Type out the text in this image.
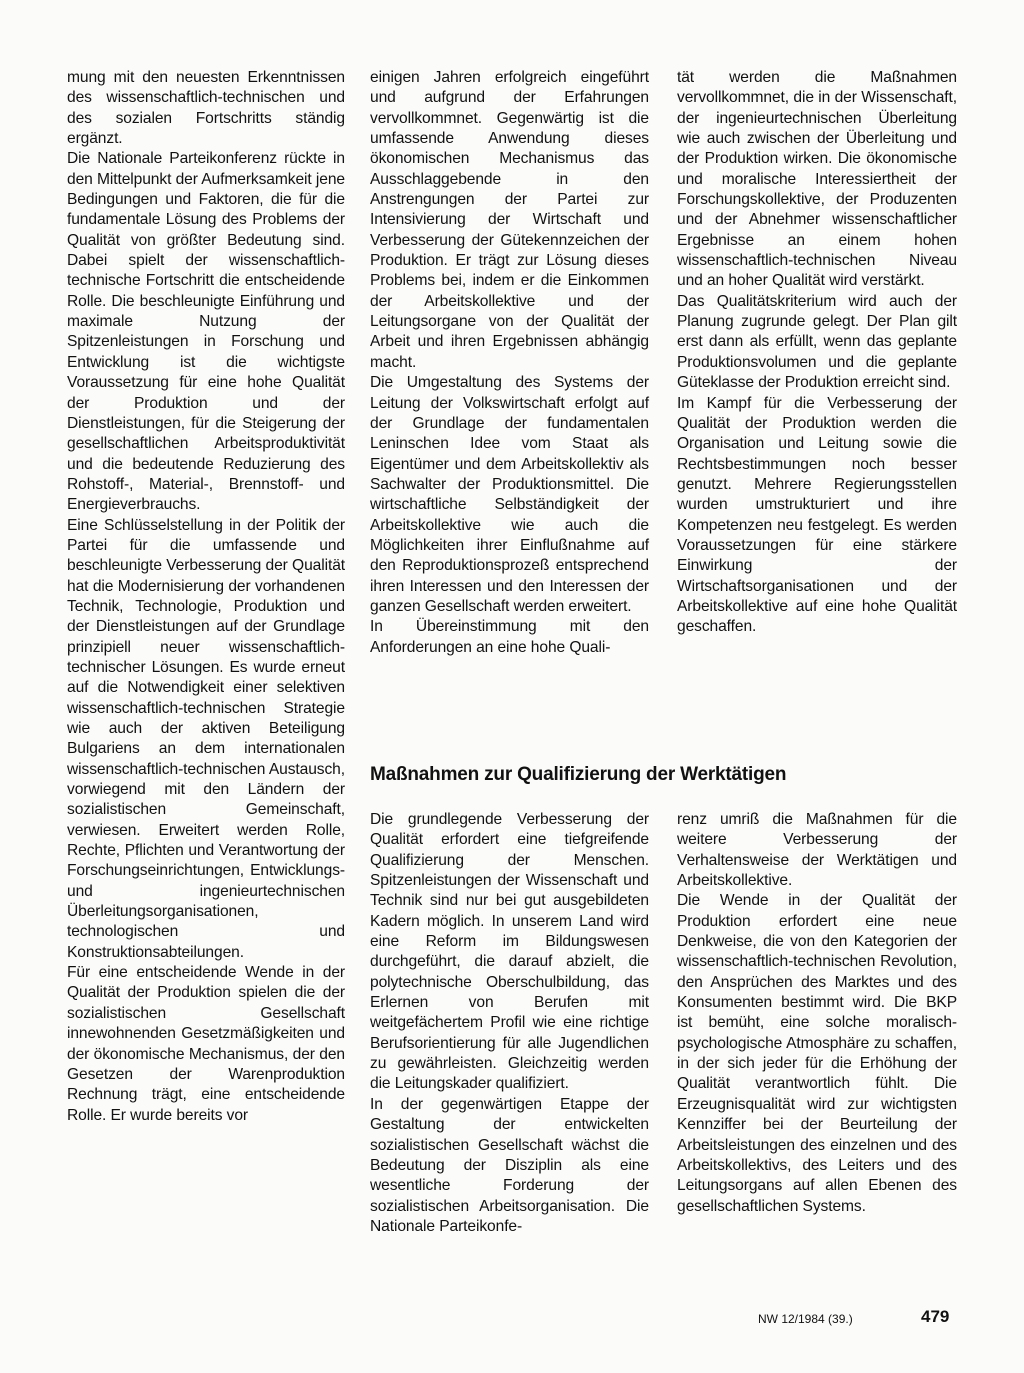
mung mit den neuesten Erkenntnissen des wissenschaftlich-technischen und des sozialen Fortschritts ständig ergänzt.

Die Nationale Parteikonferenz rückte in den Mittelpunkt der Aufmerksamkeit jene Bedingungen und Faktoren, die für die fundamentale Lösung des Problems der Qualität von größter Bedeutung sind. Dabei spielt der wissenschaftlich-technische Fortschritt die entscheidende Rolle. Die beschleunigte Einführung und maximale Nutzung der Spitzenleistungen in Forschung und Entwicklung ist die wichtigste Voraussetzung für eine hohe Qualität der Produktion und der Dienstleistungen, für die Steigerung der gesellschaftlichen Arbeitsproduktivität und die bedeutende Reduzierung des Rohstoff-, Material-, Brennstoff- und Energieverbrauchs.

Eine Schlüsselstellung in der Politik der Partei für die umfassende und beschleunigte Verbesserung der Qualität hat die Modernisierung der vorhandenen Technik, Technologie, Produktion und der Dienstleistungen auf der Grundlage prinzipiell neuer wissenschaftlich-technischer Lösungen. Es wurde erneut auf die Notwendigkeit einer selektiven wissenschaftlich-technischen Strategie wie auch der aktiven Beteiligung Bulgariens an dem internationalen wissenschaftlich-technischen Austausch, vorwiegend mit den Ländern der sozialistischen Gemeinschaft, verwiesen. Erweitert werden Rolle, Rechte, Pflichten und Verantwortung der Forschungseinrichtungen, Entwicklungs- und ingenieurtechnischen Überleitungsorganisationen, technologischen und Konstruktionsabteilungen.

Für eine entscheidende Wende in der Qualität der Produktion spielen die der sozialistischen Gesellschaft innewohnenden Gesetzmäßigkeiten und der ökonomische Mechanismus, der den Gesetzen der Warenproduktion Rechnung trägt, eine entscheidende Rolle. Er wurde bereits vor

einigen Jahren erfolgreich eingeführt und aufgrund der Erfahrungen vervollkommnet. Gegenwärtig ist die umfassende Anwendung dieses ökonomischen Mechanismus das Ausschlaggebende in den Anstrengungen der Partei zur Intensivierung der Wirtschaft und Verbesserung der Gütekennzeichen der Produktion. Er trägt zur Lösung dieses Problems bei, indem er die Einkommen der Arbeitskollektive und der Leitungsorgane von der Qualität der Arbeit und ihren Ergebnissen abhängig macht.

Die Umgestaltung des Systems der Leitung der Volkswirtschaft erfolgt auf der Grundlage der fundamentalen Leninschen Idee vom Staat als Eigentümer und dem Arbeitskollektiv als Sachwalter der Produktionsmittel. Die wirtschaftliche Selbständigkeit der Arbeitskollektive wie auch die Möglichkeiten ihrer Einflußnahme auf den Reproduktionsprozeß entsprechend ihren Interessen und den Interessen der ganzen Gesellschaft werden erweitert.

In Übereinstimmung mit den Anforderungen an eine hohe Quali-

tät werden die Maßnahmen vervollkommnet, die in der Wissenschaft, der ingenieurtechnischen Überleitung wie auch zwischen der Überleitung und der Produktion wirken. Die ökonomische und moralische Interessiertheit der Forschungskollektive, der Produzenten und der Abnehmer wissenschaftlicher Ergebnisse an einem hohen wissenschaftlich-technischen Niveau und an hoher Qualität wird verstärkt.

Das Qualitätskriterium wird auch der Planung zugrunde gelegt. Der Plan gilt erst dann als erfüllt, wenn das geplante Produktionsvolumen und die geplante Güteklasse der Produktion erreicht sind.

Im Kampf für die Verbesserung der Qualität der Produktion werden die Organisation und Leitung sowie die Rechtsbestimmungen noch besser genutzt. Mehrere Regierungsstellen wurden umstrukturiert und ihre Kompetenzen neu festgelegt. Es werden Voraussetzungen für eine stärkere Einwirkung der Wirtschaftsorganisationen und der Arbeitskollektive auf eine hohe Qualität geschaffen.

Maßnahmen zur Qualifizierung der Werktätigen

Die grundlegende Verbesserung der Qualität erfordert eine tiefgreifende Qualifizierung der Menschen. Spitzenleistungen der Wissenschaft und Technik sind nur bei gut ausgebildeten Kadern möglich. In unserem Land wird eine Reform im Bildungswesen durchgeführt, die darauf abzielt, die polytechnische Oberschulbildung, das Erlernen von Berufen mit weitgefächertem Profil wie eine richtige Berufsorientierung für alle Jugendlichen zu gewährleisten. Gleichzeitig werden die Leitungskader qualifiziert.

In der gegenwärtigen Etappe der Gestaltung der entwickelten sozialistischen Gesellschaft wächst die Bedeutung der Disziplin als eine wesentliche Forderung der sozialistischen Arbeitsorganisation. Die Nationale Parteikonfe-

renz umriß die Maßnahmen für die weitere Verbesserung der Verhaltensweise der Werktätigen und Arbeitskollektive.

Die Wende in der Qualität der Produktion erfordert eine neue Denkweise, die von den Kategorien der wissenschaftlich-technischen Revolution, den Ansprüchen des Marktes und des Konsumenten bestimmt wird. Die BKP ist bemüht, eine solche moralisch-psychologische Atmosphäre zu schaffen, in der sich jeder für die Erhöhung der Qualität verantwortlich fühlt. Die Erzeugnisqualität wird zur wichtigsten Kennziffer bei der Beurteilung der Arbeitsleistungen des einzelnen und des Arbeitskollektivs, des Leiters und des Leitungsorgans auf allen Ebenen des gesellschaftlichen Systems.

NW 12/1984 (39.)	479
